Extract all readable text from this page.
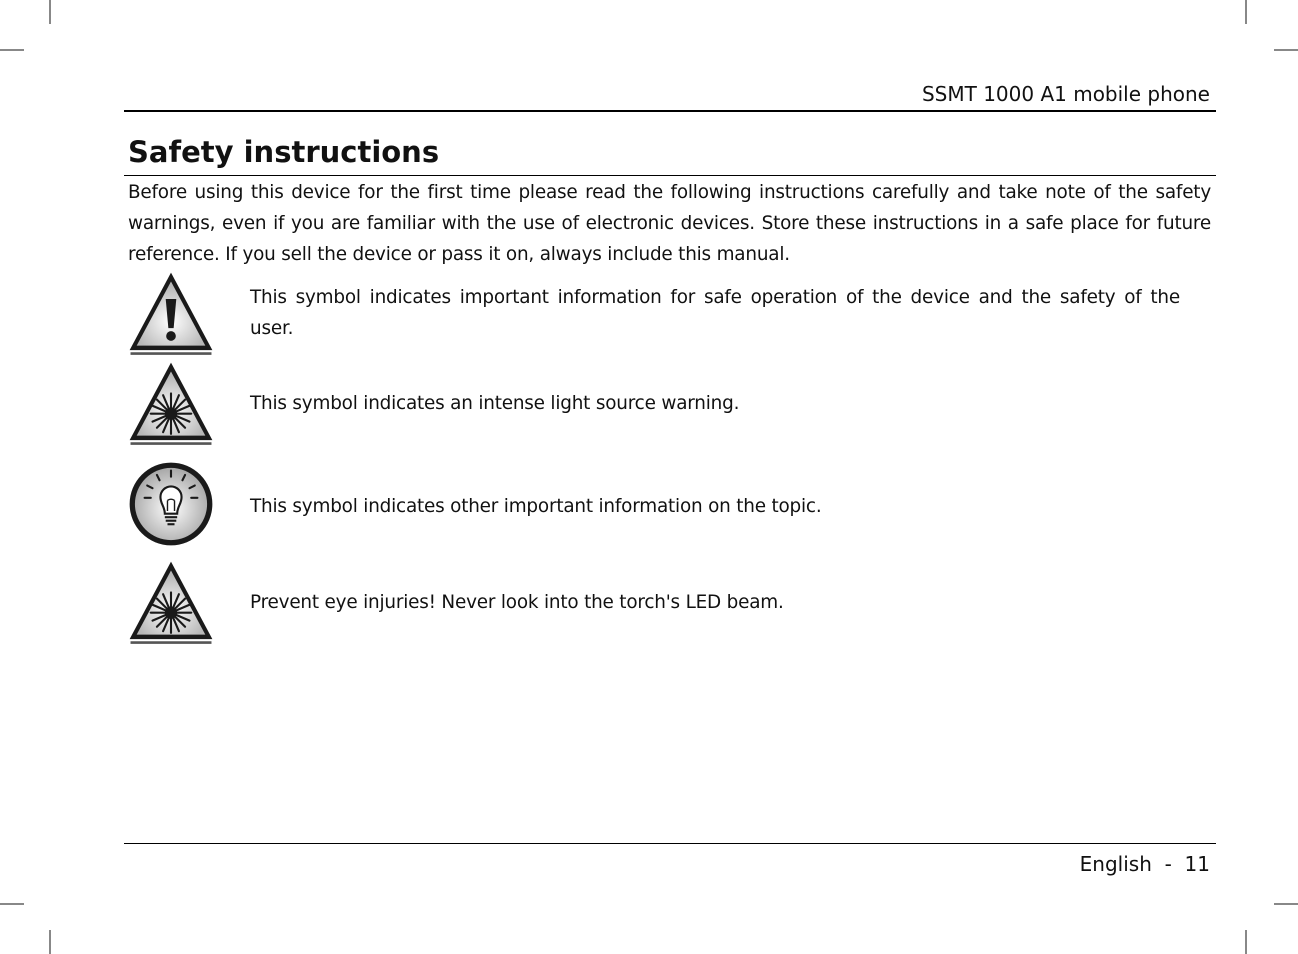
SSMT 1000 A1 mobile phone
Safety instructions

Before using this device for the first time please read the following instructions carefully and take note of the safety warnings, even if you are familiar with the use of electronic devices. Store these instructions in a safe place for future reference. If you sell the device or pass it on, always include this manual.

This symbol indicates important information for safe operation of the device and the safety of the user.

This symbol indicates an intense light source warning.

This symbol indicates other important information on the topic.

Prevent eye injuries! Never look into the torch's LED beam.

English - 11
